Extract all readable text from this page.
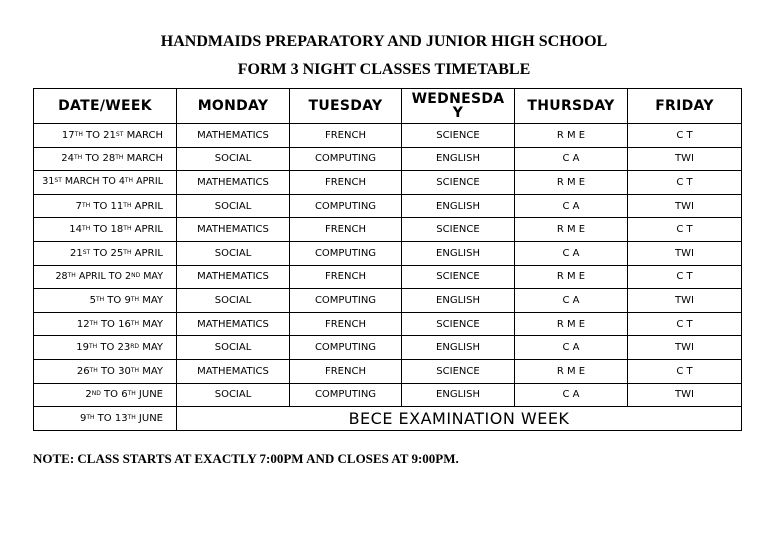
HANDMAIDS PREPARATORY AND JUNIOR HIGH SCHOOL
FORM 3 NIGHT CLASSES TIMETABLE
DATE/WEEK	MONDAY	TUESDAY	WEDNESDAY	THURSDAY	FRIDAY
17TH TO 21ST MARCH	MATHEMATICS	FRENCH	SCIENCE	R M E	C T
24TH TO 28TH MARCH	SOCIAL	COMPUTING	ENGLISH	C A	TWI
31ST MARCH TO 4TH APRIL	MATHEMATICS	FRENCH	SCIENCE	R M E	C T
7TH TO 11TH APRIL	SOCIAL	COMPUTING	ENGLISH	C A	TWI
14TH TO 18TH APRIL	MATHEMATICS	FRENCH	SCIENCE	R M E	C T
21ST TO 25TH APRIL	SOCIAL	COMPUTING	ENGLISH	C A	TWI
28TH APRIL TO 2ND MAY	MATHEMATICS	FRENCH	SCIENCE	R M E	C T
5TH TO 9TH MAY	SOCIAL	COMPUTING	ENGLISH	C A	TWI
12TH TO 16TH MAY	MATHEMATICS	FRENCH	SCIENCE	R M E	C T
19TH TO 23RD MAY	SOCIAL	COMPUTING	ENGLISH	C A	TWI
26TH TO 30TH MAY	MATHEMATICS	FRENCH	SCIENCE	R M E	C T
2ND TO 6TH JUNE	SOCIAL	COMPUTING	ENGLISH	C A	TWI
9TH TO 13TH JUNE	BECE EXAMINATION WEEK				
NOTE: CLASS STARTS AT EXACTLY 7:00PM AND CLOSES AT 9:00PM.
